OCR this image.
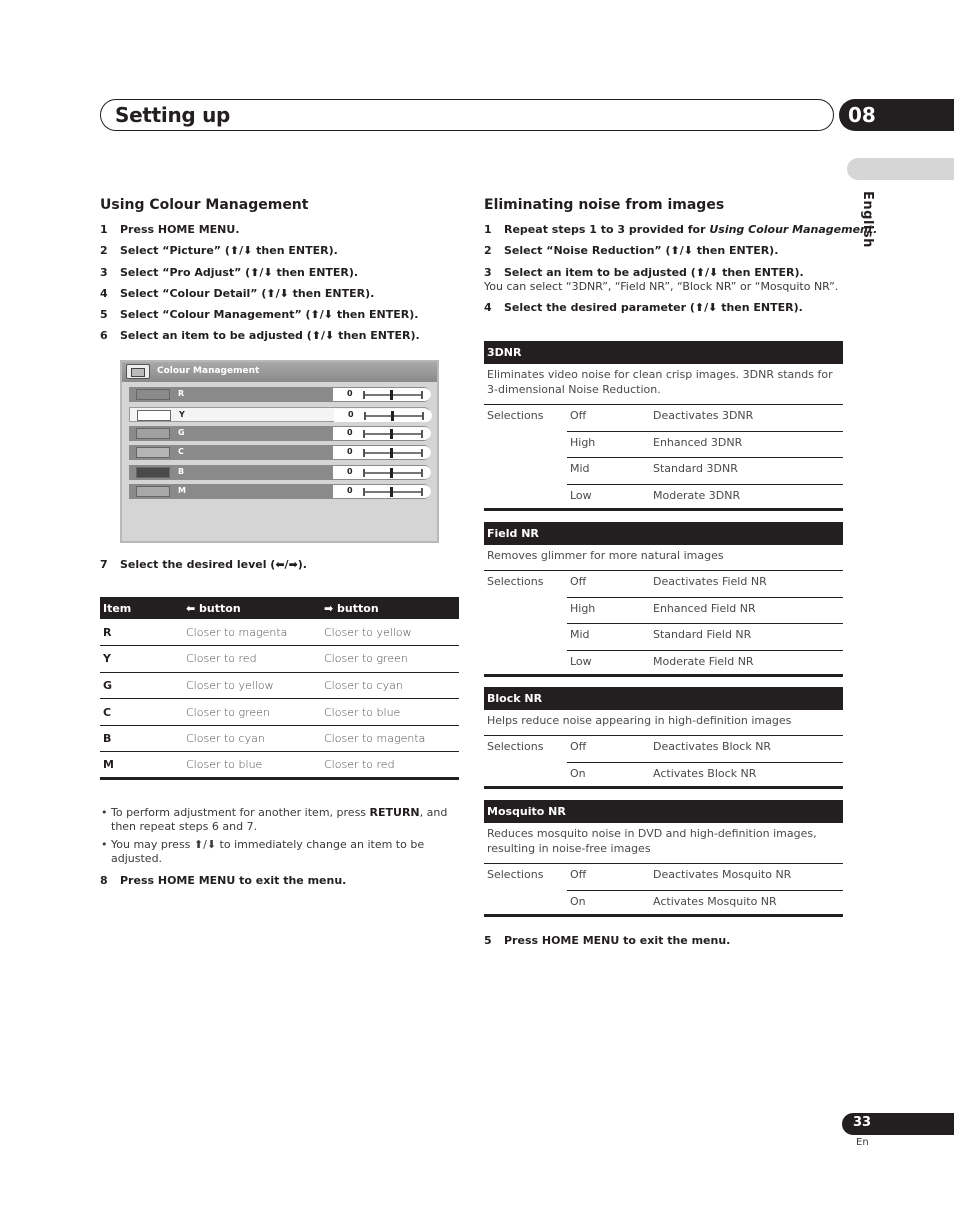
Setting up	08
English
Using Colour Management
1 Press HOME MENU.
2 Select “Picture” (⬆/⬇ then ENTER).
3 Select “Pro Adjust” (⬆/⬇ then ENTER).
4 Select “Colour Detail” (⬆/⬇ then ENTER).
5 Select “Colour Management” (⬆/⬇ then ENTER).
6 Select an item to be adjusted (⬆/⬇ then ENTER).
Colour Management
R	0
Y	0
G	0
C	0
B	0
M	0
7 Select the desired level (⬅/➡).
Item	⬅ button	➡ button
R	Closer to magenta	Closer to yellow
Y	Closer to red	Closer to green
G	Closer to yellow	Closer to cyan
C	Closer to green	Closer to blue
B	Closer to cyan	Closer to magenta
M	Closer to blue	Closer to red
• To perform adjustment for another item, press RETURN, and then repeat steps 6 and 7.
• You may press ⬆/⬇ to immediately change an item to be adjusted.
8 Press HOME MENU to exit the menu.
Eliminating noise from images
1 Repeat steps 1 to 3 provided for Using Colour Management.
2 Select “Noise Reduction” (⬆/⬇ then ENTER).
3 Select an item to be adjusted (⬆/⬇ then ENTER).
You can select “3DNR”, “Field NR”, “Block NR” or “Mosquito NR”.
4 Select the desired parameter (⬆/⬇ then ENTER).
3DNR
Eliminates video noise for clean crisp images. 3DNR stands for 3-dimensional Noise Reduction.
Selections Off	Deactivates 3DNR
High	Enhanced 3DNR
Mid	Standard 3DNR
Low	Moderate 3DNR
Field NR
Removes glimmer for more natural images
Selections Off	Deactivates Field NR
High	Enhanced Field NR
Mid	Standard Field NR
Low	Moderate Field NR
Block NR
Helps reduce noise appearing in high-definition images
Selections Off	Deactivates Block NR
On	Activates Block NR
Mosquito NR
Reduces mosquito noise in DVD and high-definition images, resulting in noise-free images
Selections Off	Deactivates Mosquito NR
On	Activates Mosquito NR
5 Press HOME MENU to exit the menu.
33
En
